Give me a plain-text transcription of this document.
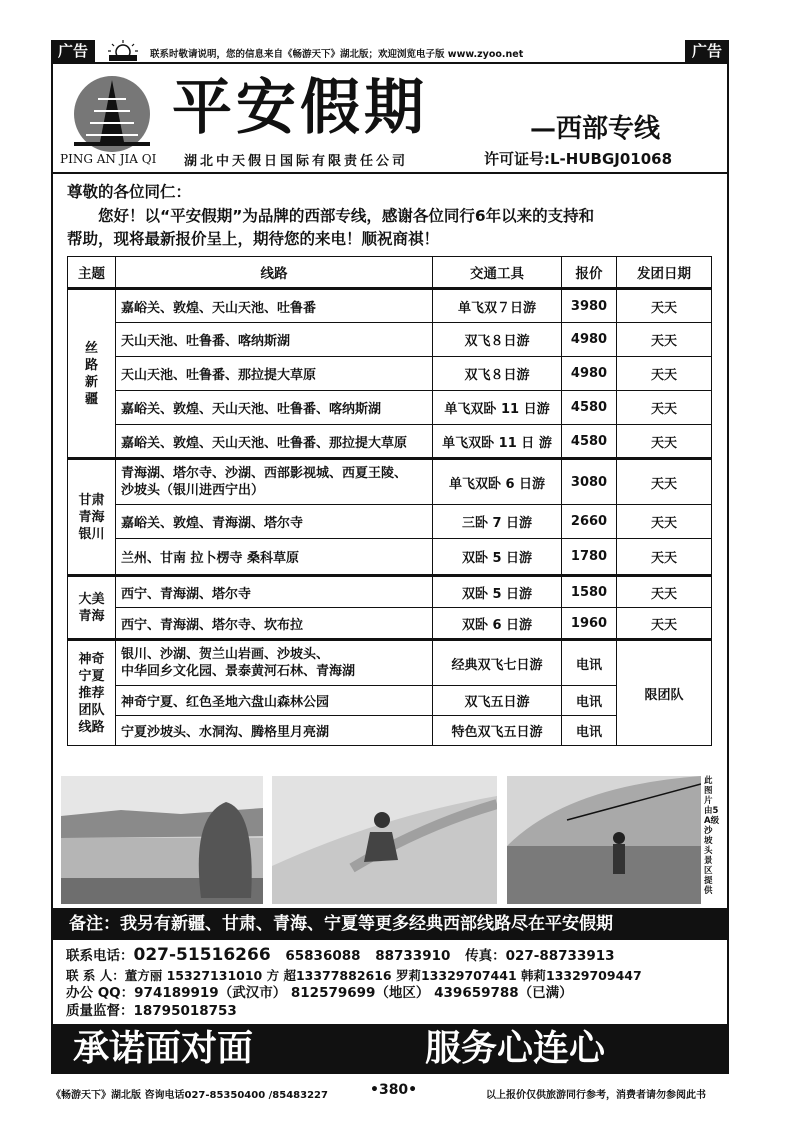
广告	广告
联系时敬请说明，您的信息来自《畅游天下》湖北版；欢迎浏览电子版 www.zyoo.net
PING AN JIA QI
平安假期	—西部专线
湖北中天假日国际有限责任公司	许可证号:L-HUBGJ01068
尊敬的各位同仁：
您好！以“平安假期”为品牌的西部专线，感谢各位同行6年以来的支持和
帮助，现将最新报价呈上，期待您的来电！顺祝商祺！
主题	线路	交通工具	报价	发团日期
丝
路
新
疆	嘉峪关、敦煌、天山天池、吐鲁番	单飞双７日游	3980	天天
	天山天池、吐鲁番、喀纳斯湖	双飞８日游	4980	天天
	天山天池、吐鲁番、那拉提大草原	双飞８日游	4980	天天
	嘉峪关、敦煌、天山天池、吐鲁番、喀纳斯湖	单飞双卧 11 日游	4580	天天
	嘉峪关、敦煌、天山天池、吐鲁番、那拉提大草原	单飞双卧 11 日 游	4580	天天
甘肃
青海
银川	青海湖、塔尔寺、沙湖、西部影视城、西夏王陵、
沙坡头（银川进西宁出）	单飞双卧 6 日游	3080	天天
	嘉峪关、敦煌、青海湖、塔尔寺	三卧 7 日游	2660	天天
	兰州、甘南 拉卜楞寺 桑科草原	双卧 5 日游	1780	天天
大美
青海	西宁、青海湖、塔尔寺	双卧 5 日游	1580	天天
	西宁、青海湖、塔尔寺、坎布拉	双卧 6 日游	1960	天天
神奇
宁夏
推荐
团队
线路	银川、沙湖、贺兰山岩画、沙坡头、
中华回乡文化园、景泰黄河石林、青海湖	经典双飞七日游	电讯	限团队
	神奇宁夏、红色圣地六盘山森林公园	双飞五日游	电讯	
	宁夏沙坡头、水洞沟、腾格里月亮湖	特色双飞五日游	电讯	
此图片由5A级沙坡头景区提供
备注：我另有新疆、甘肃、青海、宁夏等更多经典西部线路尽在平安假期
联系电话：027-51516266 65836088 88733910 传真：027-88733913
联 系 人：董方丽 15327131010 方 超13377882616 罗莉13329707441 韩莉13329709447
办公 QQ：974189919（武汉市） 812579699（地区） 439659788（已满）
质量监督：18795018753
承诺面对面	服务心连心
《畅游天下》湖北版 咨询电话027-85350400 /85483227	•380•	以上报价仅供旅游同行参考，消费者请勿参阅此书
